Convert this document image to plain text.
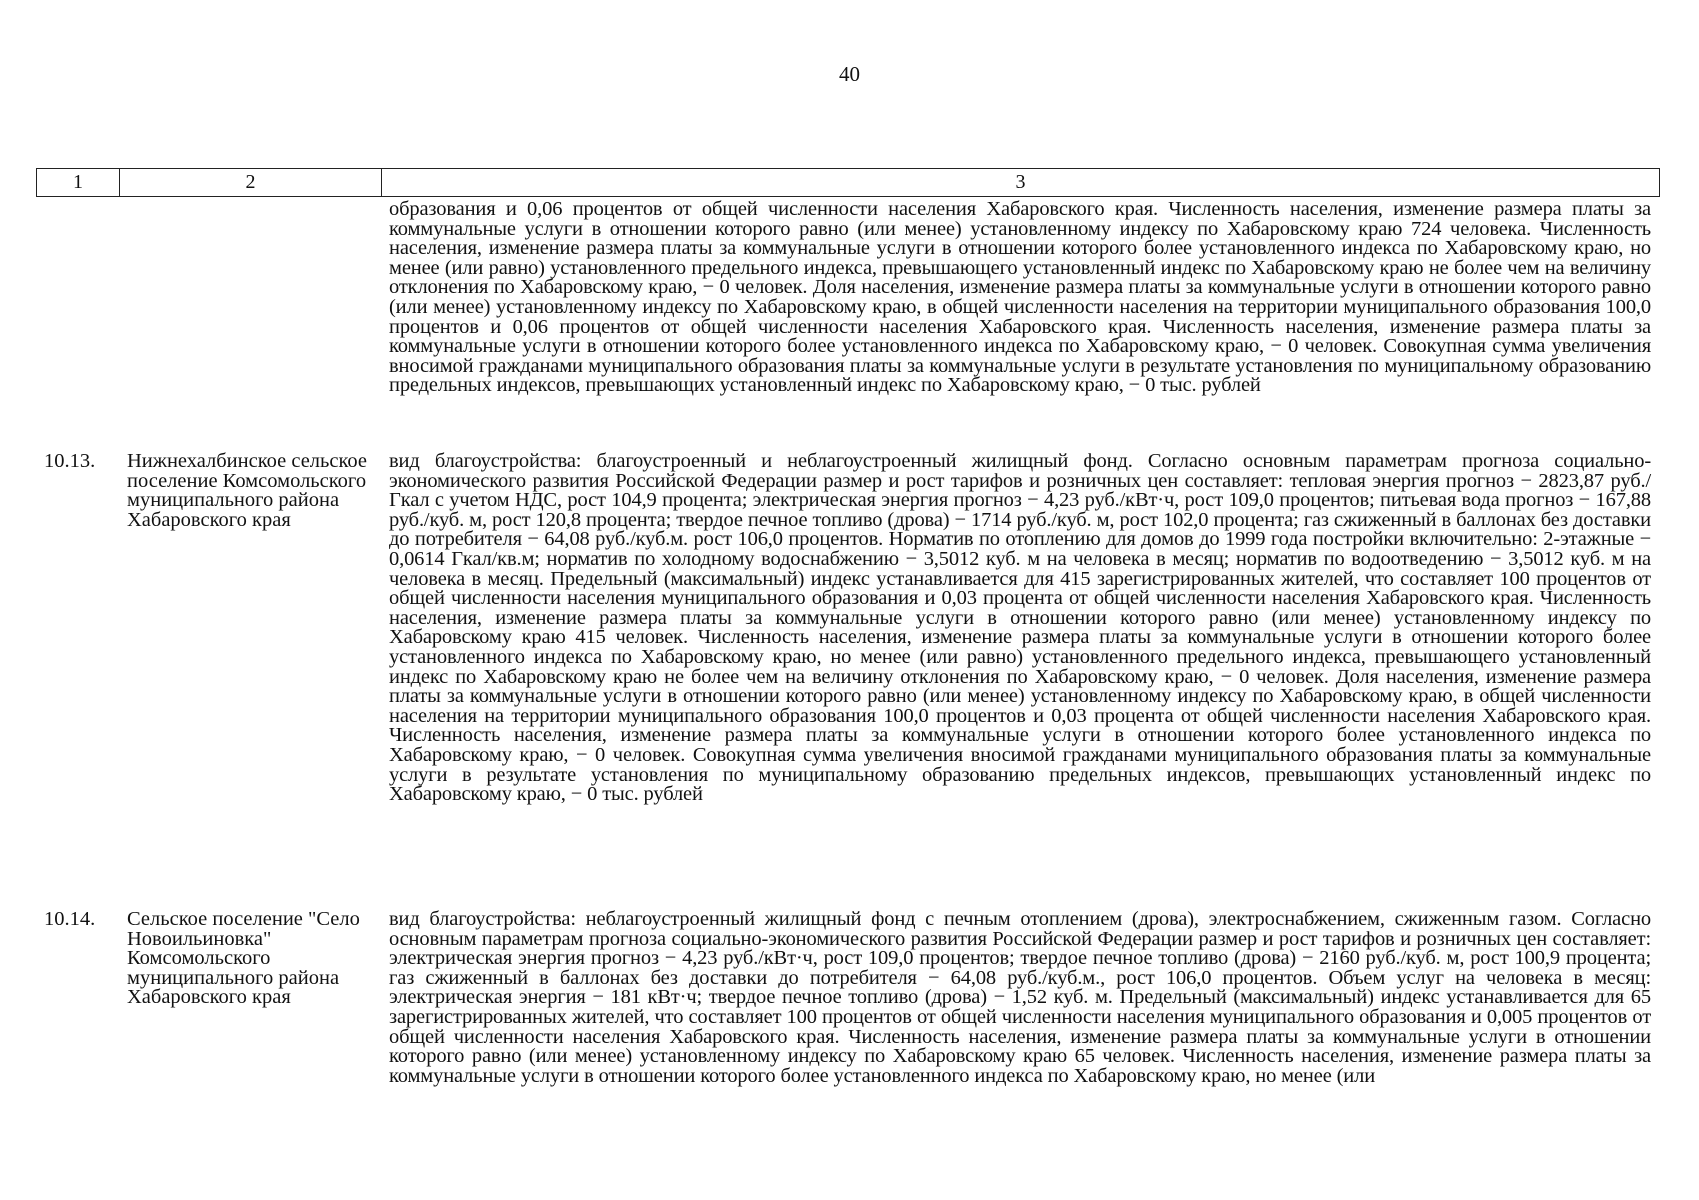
40
1	2	3
образования и 0,06 процентов от общей численности населения Хабаровского края. Численность населения, изменение размера платы за коммунальные услуги в отношении которого равно (или менее) установленному индексу по Хабаровскому краю 724 человека. Численность населения, изменение размера платы за коммунальные услуги в отношении которого более установленного индекса по Хабаровскому краю, но менее (или равно) установленного предельного индекса, превышающего установленный индекс по Хабаровскому краю не более чем на величину отклонения по Хабаровскому краю, − 0 человек. Доля населения, изменение размера платы за коммунальные услуги в отношении которого равно (или менее) установленному индексу по Хабаровскому краю, в общей численности населения на территории муниципального образования 100,0 процентов и 0,06 процентов от общей численности населения Хабаровского края. Численность населения, изменение размера платы за коммунальные услуги в отношении которого более установленного индекса по Хабаровскому краю, − 0 человек. Совокупная сумма увеличения вносимой гражданами муниципального образования платы за коммунальные услуги в результате установления по муниципальному образованию предельных индексов, превышающих установленный индекс по Хабаровскому краю, − 0 тыс. рублей
10.13. Нижнехалбинское сельское поселение Комсомольского муниципального района Хабаровского края
вид благоустройства: благоустроенный и неблагоустроенный жилищный фонд. Согласно основным параметрам прогноза социально-экономического развития Российской Федерации размер и рост тарифов и розничных цен составляет: тепловая энергия прогноз − 2823,87 руб./Гкал с учетом НДС, рост 104,9 процента; электрическая энергия прогноз − 4,23 руб./кВт·ч, рост 109,0 процентов; питьевая вода прогноз − 167,88 руб./куб. м, рост 120,8 процента; твердое печное топливо (дрова) − 1714 руб./куб. м, рост 102,0 процента; газ сжиженный в баллонах без доставки до потребителя − 64,08 руб./куб.м. рост 106,0 процентов. Норматив по отоплению для домов до 1999 года постройки включительно: 2-этажные − 0,0614 Гкал/кв.м; норматив по холодному водоснабжению − 3,5012 куб. м на человека в месяц; норматив по водоотведению − 3,5012 куб. м на человека в месяц. Предельный (максимальный) индекс устанавливается для 415 зарегистрированных жителей, что составляет 100 процентов от общей численности населения муниципального образования и 0,03 процента от общей численности населения Хабаровского края. Численность населения, изменение размера платы за коммунальные услуги в отношении которого равно (или менее) установленному индексу по Хабаровскому краю 415 человек. Численность населения, изменение размера платы за коммунальные услуги в отношении которого более установленного индекса по Хабаровскому краю, но менее (или равно) установленного предельного индекса, превышающего установленный индекс по Хабаровскому краю не более чем на величину отклонения по Хабаровскому краю, − 0 человек. Доля населения, изменение размера платы за коммунальные услуги в отношении которого равно (или менее) установленному индексу по Хабаровскому краю, в общей численности населения на территории муниципального образования 100,0 процентов и 0,03 процента от общей численности населения Хабаровского края. Численность населения, изменение размера платы за коммунальные услуги в отношении которого более установленного индекса по Хабаровскому краю, − 0 человек. Совокупная сумма увеличения вносимой гражданами муниципального образования платы за коммунальные услуги в результате установления по муниципальному образованию предельных индексов, превышающих установленный индекс по Хабаровскому краю, − 0 тыс. рублей
10.14. Сельское поселение "Село Новоильиновка" Комсомольского муниципального района Хабаровского края
вид благоустройства: неблагоустроенный жилищный фонд с печным отоплением (дрова), электроснабжением, сжиженным газом. Согласно основным параметрам прогноза социально-экономического развития Российской Федерации размер и рост тарифов и розничных цен составляет: электрическая энергия прогноз − 4,23 руб./кВт·ч, рост 109,0 процентов; твердое печное топливо (дрова) − 2160 руб./куб. м, рост 100,9 процента; газ сжиженный в баллонах без доставки до потребителя − 64,08 руб./куб.м., рост 106,0 процентов. Объем услуг на человека в месяц: электрическая энергия − 181 кВт·ч; твердое печное топливо (дрова) − 1,52 куб. м. Предельный (максимальный) индекс устанавливается для 65 зарегистрированных жителей, что составляет 100 процентов от общей численности населения муниципального образования и 0,005 процентов от общей численности населения Хабаровского края. Численность населения, изменение размера платы за коммунальные услуги в отношении которого равно (или менее) установленному индексу по Хабаровскому краю 65 человек. Численность населения, изменение размера платы за коммунальные услуги в отношении которого более установленного индекса по Хабаровскому краю, но менее (или
